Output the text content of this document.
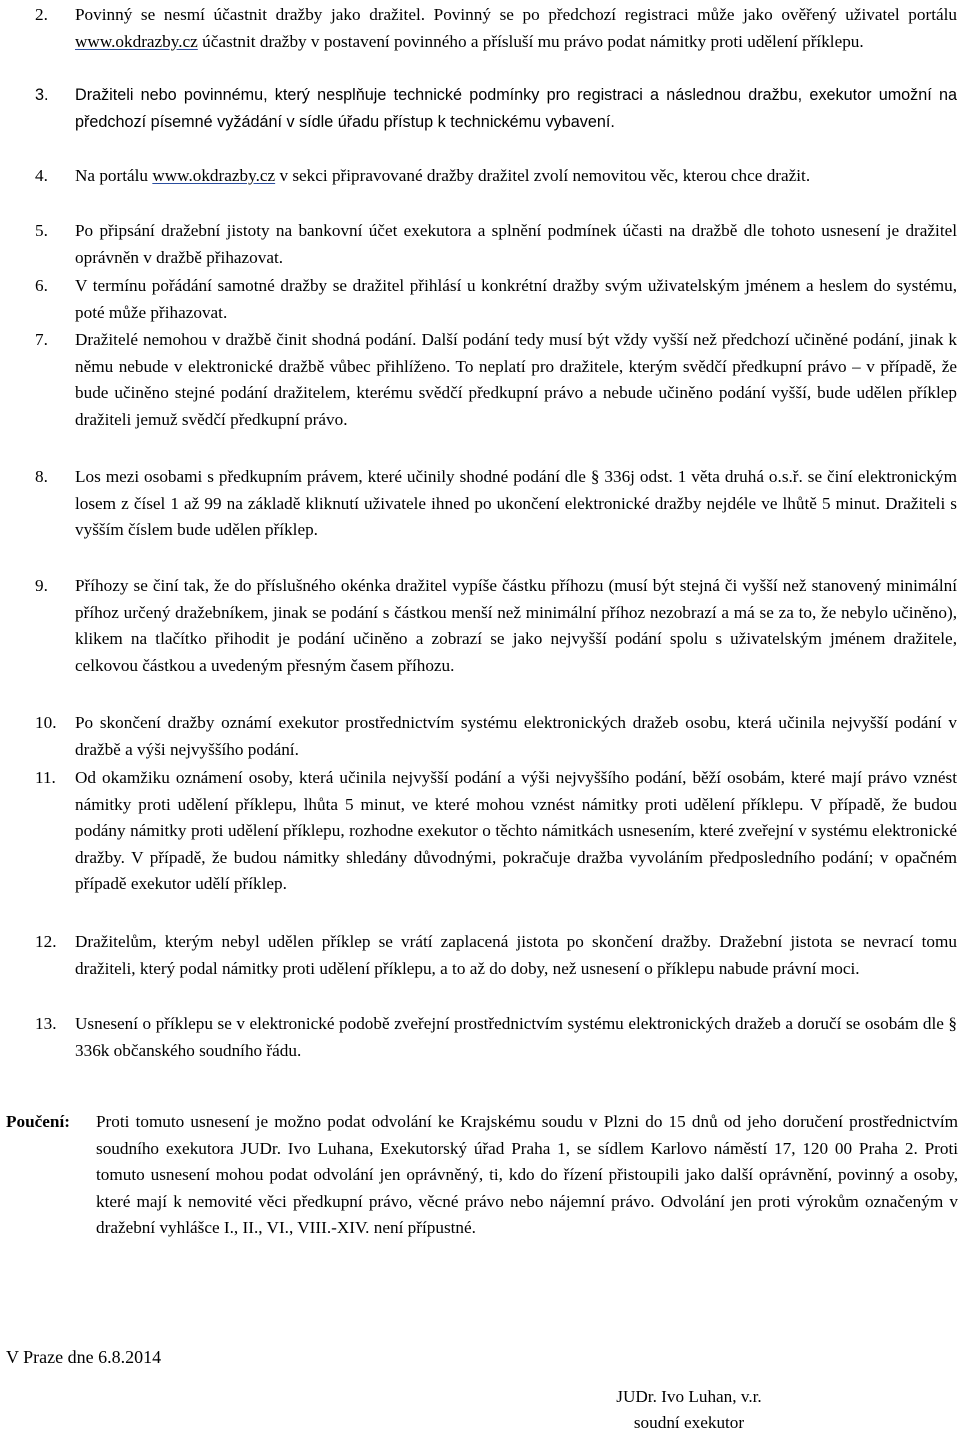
2.	Povinný se nesmí účastnit dražby jako dražitel. Povinný se po předchozí registraci může jako ověřený uživatel portálu www.okdrazby.cz účastnit dražby v postavení povinného a přísluší mu právo podat námitky proti udělení příklepu.
3.	Dražiteli nebo povinnému, který nesplňuje technické podmínky pro registraci a následnou dražbu, exekutor umožní na předchozí písemné vyžádání v sídle úřadu přístup k technickému vybavení.
4.	Na portálu www.okdrazby.cz v sekci připravované dražby dražitel zvolí nemovitou věc, kterou chce dražit.
5.	Po připsání dražební jistoty na bankovní účet exekutora a splnění podmínek účasti na dražbě dle tohoto usnesení je dražitel oprávněn v dražbě přihazovat.
6.	V termínu pořádání samotné dražby se dražitel přihlásí u konkrétní dražby svým uživatelským jménem a heslem do systému, poté může přihazovat.
7.	Dražitelé nemohou v dražbě činit shodná podání. Další podání tedy musí být vždy vyšší než předchozí učiněné podání, jinak k němu nebude v elektronické dražbě vůbec přihlíženo. To neplatí pro dražitele, kterým svědčí předkupní právo – v případě, že bude učiněno stejné podání dražitelem, kterému svědčí předkupní právo a nebude učiněno podání vyšší, bude udělen příklep dražiteli jemuž svědčí předkupní právo.
8.	Los mezi osobami s předkupním právem, které učinily shodné podání dle § 336j odst. 1 věta druhá o.s.ř. se činí elektronickým losem z čísel 1 až 99 na základě kliknutí uživatele ihned po ukončení elektronické dražby nejdéle ve lhůtě 5 minut. Dražiteli s vyšším číslem bude udělen příklep.
9.	Příhozy se činí tak, že do příslušného okénka dražitel vypíše částku příhozu (musí být stejná či vyšší než stanovený minimální příhoz určený dražebníkem, jinak se podání s částkou menší než minimální příhoz nezobrazí a má se za to, že nebylo učiněno), klikem na tlačítko přihodit je podání učiněno a zobrazí se jako nejvyšší podání spolu s uživatelským jménem dražitele, celkovou částkou a uvedeným přesným časem příhozu.
10.	Po skončení dražby oznámí exekutor prostřednictvím systému elektronických dražeb osobu, která učinila nejvyšší podání v dražbě a výši nejvyššího podání.
11.	Od okamžiku oznámení osoby, která učinila nejvyšší podání a výši nejvyššího podání, běží osobám, které mají právo vznést námitky proti udělení příklepu, lhůta 5 minut, ve které mohou vznést námitky proti udělení příklepu. V případě, že budou podány námitky proti udělení příklepu, rozhodne exekutor o těchto námitkách usnesením, které zveřejní v systému elektronické dražby. V případě, že budou námitky shledány důvodnými, pokračuje dražba vyvoláním předposledního podání; v opačném případě exekutor udělí příklep.
12.	Dražitelům, kterým nebyl udělen příklep se vrátí zaplacená jistota po skončení dražby. Dražební jistota se nevrací tomu dražiteli, který podal námitky proti udělení příklepu, a to až do doby, než usnesení o příklepu nabude právní moci.
13.	Usnesení o příklepu se v elektronické podobě zveřejní prostřednictvím systému elektronických dražeb a doručí se osobám dle § 336k občanského soudního řádu.
Poučení:	Proti tomuto usnesení je možno podat odvolání ke Krajskému soudu v Plzni do 15 dnů od jeho doručení prostřednictvím soudního exekutora JUDr. Ivo Luhana, Exekutorský úřad Praha 1, se sídlem Karlovo náměstí 17, 120 00 Praha 2. Proti tomuto usnesení mohou podat odvolání jen oprávněný, ti, kdo do řízení přistoupili jako další oprávnění, povinný a osoby, které mají k nemovité věci předkupní právo, věcné právo nebo nájemní právo. Odvolání jen proti výrokům označeným v dražební vyhlášce I., II., VI., VIII.-XIV. není přípustné.
V Praze dne 6.8.2014
JUDr. Ivo Luhan, v.r.
soudní exekutor
